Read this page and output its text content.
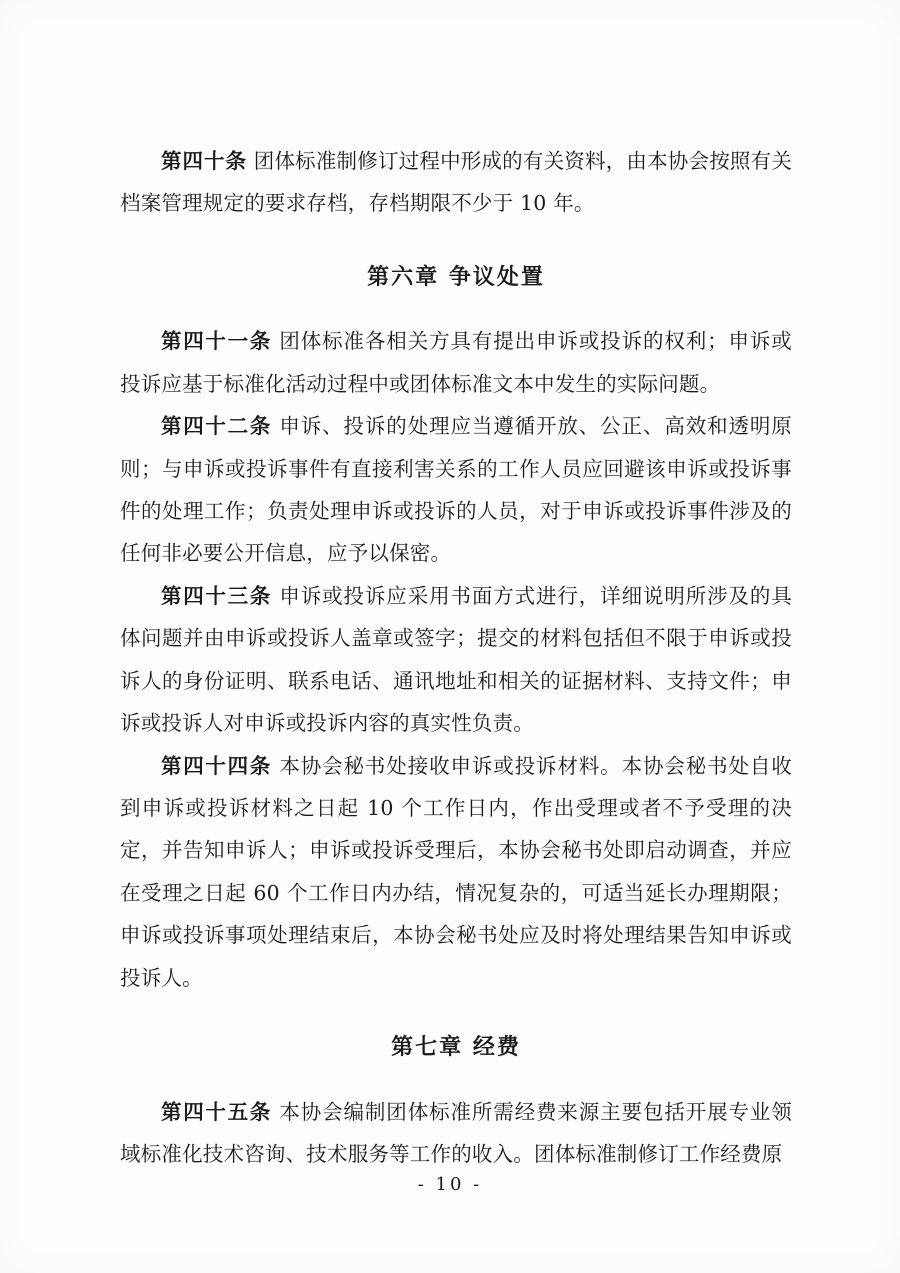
第四十条 团体标准制修订过程中形成的有关资料，由本协会按照有关档案管理规定的要求存档，存档期限不少于 10 年。

第六章 争议处置

第四十一条 团体标准各相关方具有提出申诉或投诉的权利；申诉或投诉应基于标准化活动过程中或团体标准文本中发生的实际问题。

第四十二条 申诉、投诉的处理应当遵循开放、公正、高效和透明原则；与申诉或投诉事件有直接利害关系的工作人员应回避该申诉或投诉事件的处理工作；负责处理申诉或投诉的人员，对于申诉或投诉事件涉及的任何非必要公开信息，应予以保密。

第四十三条 申诉或投诉应采用书面方式进行，详细说明所涉及的具体问题并由申诉或投诉人盖章或签字；提交的材料包括但不限于申诉或投诉人的身份证明、联系电话、通讯地址和相关的证据材料、支持文件；申诉或投诉人对申诉或投诉内容的真实性负责。

第四十四条 本协会秘书处接收申诉或投诉材料。本协会秘书处自收到申诉或投诉材料之日起 10 个工作日内，作出受理或者不予受理的决定，并告知申诉人；申诉或投诉受理后，本协会秘书处即启动调查，并应在受理之日起 60 个工作日内办结，情况复杂的，可适当延长办理期限；申诉或投诉事项处理结束后，本协会秘书处应及时将处理结果告知申诉或投诉人。

第七章 经费

第四十五条 本协会编制团体标准所需经费来源主要包括开展专业领域标准化技术咨询、技术服务等工作的收入。团体标准制修订工作经费原

- 10 -
